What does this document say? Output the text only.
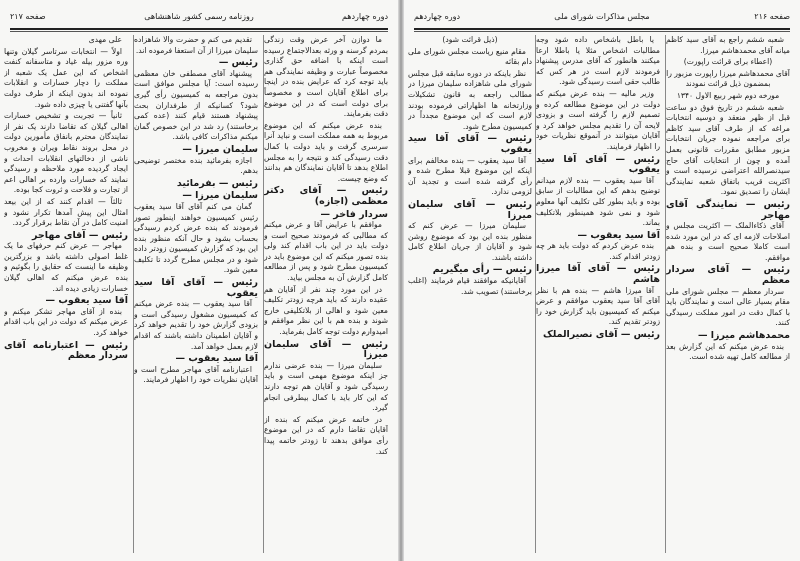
دوره چهاردهم
روزنامه رسمی کشور شاهنشاهی
صفحه ۲۱۷

ما دوازن آخر عرض وقت زندگی بمردم گرسنه و ورثه بعدالاجتماع رسیده است اینکه با اضافه حق گذاری مخصوصاً عبارت و وظیفه نمایندگی هم باید توجه کرد که عرایض بنده در اینجا برای اطلاع آقایان است و مخصوصاً برای دولت است که در این موضوع دقت بفرمایند.

بنده عرض میکنم که این موضوع مربوط به همه مملکت است و نباید آنرا سرسری گرفت و باید دولت با کمال دقت رسیدگی کند و نتیجه را به مجلس اطلاع بدهد تا آقایان نمایندگان هم بدانند که وضع چیست.

رئیس — آقای دکتر معظمی (اجازه)

سردار فاخر —

موافقم با عرایض آقا و عرض میکنم که مطالبی که فرمودند صحیح است و دولت باید در این باب اقدام کند ولی بنده تصور میکنم که این موضوع باید در کمیسیون مطرح شود و پس از مطالعه کامل گزارش آن به مجلس بیاید.

در این مورد چند نفر از آقایان هم عقیده دارند که باید هرچه زودتر تکلیف معین شود و اهالی از بلاتکلیفی خارج شوند و بنده هم با این نظر موافقم و امیدوارم دولت توجه کامل بفرماید.

رئیس — آقای سلیمان میرزا

سلیمان میرزا — بنده عرضی ندارم جز اینکه موضوع مهمی است و باید رسیدگی شود و آقایان هم توجه دارند که این کار باید با کمال بیطرفی انجام گیرد.

در خاتمه عرض میکنم که بنده از آقایان تقاضا دارم که در این موضوع رأی موافق بدهند تا زودتر خاتمه پیدا کند.

تقدیم می کنم و حضرت والا شاهزاده سلیمان میرزا از آن استعفا فرموده اند.

رئیس —

پیشنهاد آقای مصطفی خان معظمی رسیده است: آیا مجلس موافق است بدون مراجعه به کمیسیون رأی گیری شود؟ کسانیکه از طرفداران بحث پیشنهاد هستند قیام کنند (عده کمی برخاستند) رد شد در این خصوص گمان میکنم مذاکرات کافی باشد.

سلیمان میرزا —

اجازه بفرمائید بنده مختصر توضیحی بدهم.

رئیس — بفرمائید

سلیمان میرزا —

گمان می کنم آقای آقا سید یعقوب رئیس کمیسیون خواهند اینطور تصور فرمودند که بنده عرض کردم رسیدگی بحساب بشود و حال آنکه منظور بنده این بود که گزارش کمیسیون زودتر داده شود و در مجلس مطرح گردد تا تکلیف معین شود.

رئیس — آقای آقا سید یعقوب

آقا سید یعقوب — بنده عرض میکنم که کمیسیون مشغول رسیدگی است و بزودی گزارش خود را تقدیم خواهد کرد و آقایان اطمینان داشته باشند که اقدام لازم بعمل خواهد آمد.

آقا سید یعقوب —

اعتبارنامه آقای مهاجر مطرح است و آقایان نظریات خود را اظهار فرمایند.

علی مهدی

اولاً — انتخابات سرتاسر گیلان وتنها وره مزور بیله غیاد و متاسفانه کنفت اشخاص که این عمل یک شعبه از مملکت را دچار خسارات و انقلابات نموده اند بدون اینکه از طرف دولت بآنها گفتنی یا چیزی داده شود.

ثانیاً — تجربت و تشخیص خسارات اهالی گیلان که تقاضا دارند یک نفر از نمایندگان محترم بانفاق مأمورین دولت در محل بروند نقاط ویران و مخروب ناشی از دخالتهای انقلابات احداث و ایجاد گردیده مورد ملاحظه و رسیدگی نمایند که خسارات وارده بر اهالی اعم از تجارت و فلاحت و ثروت کجا بوده.

ثالثاً — اقدام کنند که از این بیعد امثال این پیش آمدها تکرار نشود و امنیت کامل در آن نقاط برقرار گردد.

رئیس — آقای مهاجر

مهاجر — عرض کنم حرفهای ما یک غلط اصولی داشته باشد و بزرگترین وظیفه ما اینست که حقایق را بگوئیم و بنده عرض میکنم که اهالی گیلان خسارات زیادی دیده اند.

آقا سید یعقوب —

بنده از آقای مهاجر تشکر میکنم و عرض میکنم که دولت در این باب اقدام خواهد کرد.

رئیس — اعتبارنامه آقای سردار معظم

صفحه ۲۱۶
مجلس مذاکرات شورای ملی
دوره چهاردهم

شعبه ششم راجع به آقای سید کاظم میانه آقای محمدهاشم میرزا.

(اعطاء برای قرائت راپورت)

آقای محمدهاشم میرزا راپورت مزبور را بمضمون ذیل قرائت نمودند

مورخه دوم شهر ربیع الاول ۱۳۴۰

شعبه ششم در تاریخ فوق دو ساعت قبل از ظهر منعقد و دوسیه انتخابات مراغه که از طرف آقای سید کاظم برای مراجعه نموده جریان انتخابات مزبور مطابق مقررات قانونی بعمل آمده و چون از انتخابات آقای حاج سیدنصرالله اعتراضی نرسیده است و اکثریت قریب باتفاق شعبه نمایندگی ایشان را تصدیق نمود.

رئیس — نمایندگی آقای مهاجر

آقای ذکاءالملک — اکثریت مجلس و اصلاحات لازمه ای که در این مورد شده است کاملا صحیح است و بنده هم موافقم.

رئیس — آقای سردار معظم

سردار معظم — مجلس شورای ملی مقام بسیار عالی است و نمایندگان باید با کمال دقت در امور مملکت رسیدگی کنند.

محمدهاشم میرزا —

بنده عرض میکنم که این گزارش بعد از مطالعه کامل تهیه شده است.

یا باطل باشخاص داده شود وجه مطالبات اشخاص مثلا یا باطلا ارعا میکنند هانطور که آقای مدرس پیشنهاد فرمودند لازم است در هر کس که طالب حقی است رسیدگی شود.

وزیر مالیه — بنده عرض میکنم که دولت در این موضوع مطالعه کرده و تصمیم لازم را گرفته است و بزودی لایحه آن را تقدیم مجلس خواهد کرد و آقایان میتوانند در آنموقع نظریات خود را اظهار فرمایند.

رئیس — آقای آقا سید یعقوب

آقا سید یعقوب — بنده لازم میدانم توضیح بدهم که این مطالبات از سابق بوده و باید بطور کلی تکلیف آنها معلوم شود و نمی شود همینطور بلاتکلیف بماند.

آقا سید یعقوب —

بنده عرض کردم که دولت باید هر چه زودتر اقدام کند.

رئیس — آقای آقا میرزا هاشم

آقا میرزا هاشم — بنده هم با نظر آقای آقا سید یعقوب موافقم و عرض میکنم که کمیسیون باید گزارش خود را زودتر تقدیم کند.

رئیس — آقای نصیرالملک

(ذیل قرائت شود)

مقام منیع ریاست مجلس شورای ملی دام بقائه

نظر باینکه در دوره سابقه قبل مجلس شورای ملی شاهزاده سلیمان میرزا در مطالب راجعه به قانون تشکیلات وزارتخانه ها اظهاراتی فرموده بودند لازم است که این موضوع مجدداً در کمیسیون مطرح شود.

رئیس — آقای آقا سید یعقوب

آقا سید یعقوب — بنده مخالفم برای اینکه این موضوع قبلا مطرح شده و رأی گرفته شده است و تجدید آن لزومی ندارد.

رئیس — آقای سلیمان میرزا

سلیمان میرزا — عرض کنم که منظور بنده این بود که موضوع روشن شود و آقایان از جریان اطلاع کامل داشته باشند.

رئیس — رأی میگیریم

آقایانیکه موافقند قیام فرمایند (اغلب برخاستند) تصویب شد.
